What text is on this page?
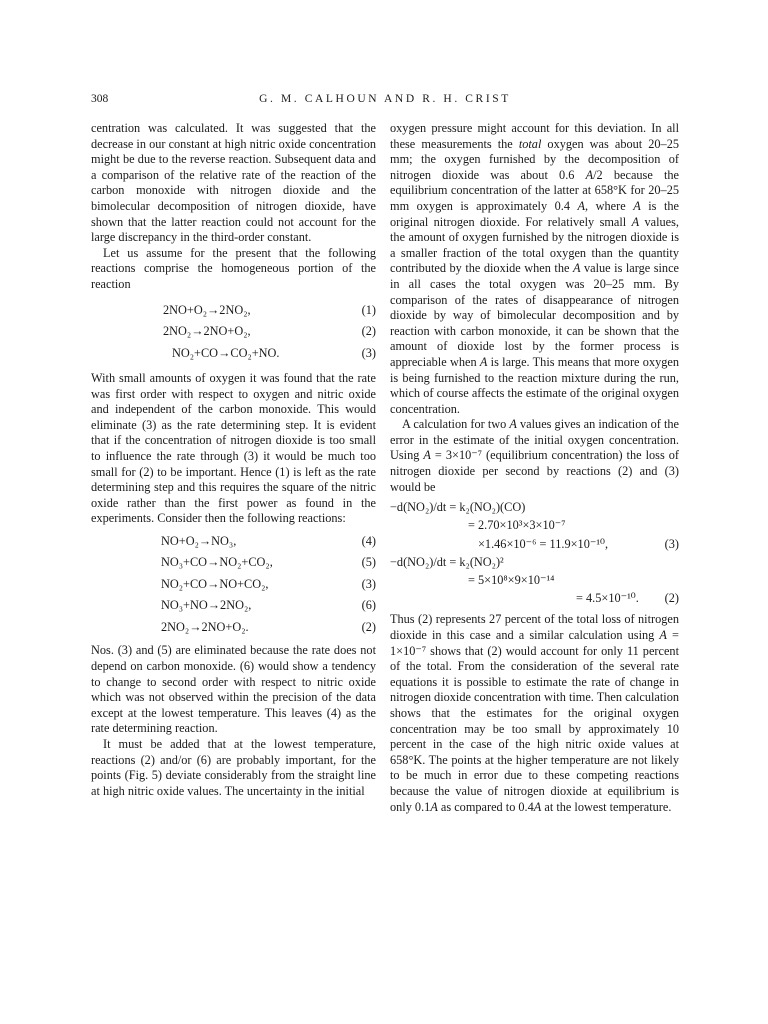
308	G. M. CALHOUN AND R. H. CRIST

centration was calculated. It was suggested that the decrease in our constant at high nitric oxide concentration might be due to the reverse reaction. Subsequent data and a comparison of the relative rate of the reaction of the carbon monoxide with nitrogen dioxide and the bimolecular decomposition of nitrogen dioxide, have shown that the latter reaction could not account for the large discrepancy in the third-order constant.

Let us assume for the present that the following reactions comprise the homogeneous portion of the reaction

2NO+O₂→2NO₂,	(1)
2NO₂→2NO+O₂,	(2)
NO₂+CO→CO₂+NO.	(3)

With small amounts of oxygen it was found that the rate was first order with respect to oxygen and nitric oxide and independent of the carbon monoxide. This would eliminate (3) as the rate determining step. It is evident that if the concentration of nitrogen dioxide is too small to influence the rate through (3) it would be much too small for (2) to be important. Hence (1) is left as the rate determining step and this requires the square of the nitric oxide rather than the first power as found in the experiments. Consider then the following reactions:

NO+O₂→NO₃,	(4)
NO₃+CO→NO₂+CO₂,	(5)
NO₂+CO→NO+CO₂,	(3)
NO₃+NO→2NO₂,	(6)
2NO₂→2NO+O₂.	(2)

Nos. (3) and (5) are eliminated because the rate does not depend on carbon monoxide. (6) would show a tendency to change to second order with respect to nitric oxide which was not observed within the precision of the data except at the lowest temperature. This leaves (4) as the rate determining reaction.

It must be added that at the lowest temperature, reactions (2) and/or (6) are probably important, for the points (Fig. 5) deviate considerably from the straight line at high nitric oxide values. The uncertainty in the initial

oxygen pressure might account for this deviation. In all these measurements the total oxygen was about 20–25 mm; the oxygen furnished by the decomposition of nitrogen dioxide was about 0.6 A/2 because the equilibrium concentration of the latter at 658°K for 20–25 mm oxygen is approximately 0.4 A, where A is the original nitrogen dioxide. For relatively small A values, the amount of oxygen furnished by the nitrogen dioxide is a smaller fraction of the total oxygen than the quantity contributed by the dioxide when the A value is large since in all cases the total oxygen was 20–25 mm. By comparison of the rates of disappearance of nitrogen dioxide by way of bimolecular decomposition and by reaction with carbon monoxide, it can be shown that the amount of dioxide lost by the former process is appreciable when A is large. This means that more oxygen is being furnished to the reaction mixture during the run, which of course affects the estimate of the original oxygen concentration.

A calculation for two A values gives an indication of the error in the estimate of the initial oxygen concentration. Using A = 3×10⁻⁷ (equilibrium concentration) the loss of nitrogen dioxide per second by reactions (2) and (3) would be

−d(NO₂)/dt = k₂(NO₂)(CO)
= 2.70×10³×3×10⁻⁷
×1.46×10⁻⁶ = 11.9×10⁻¹⁰,	(3)
−d(NO₂)/dt = k₂(NO₂)²
= 5×10⁸×9×10⁻¹⁴
= 4.5×10⁻¹⁰. (2)

Thus (2) represents 27 percent of the total loss of nitrogen dioxide in this case and a similar calculation using A = 1×10⁻⁷ shows that (2) would account for only 11 percent of the total. From the consideration of the several rate equations it is possible to estimate the rate of change in nitrogen dioxide concentration with time. Then calculation shows that the estimates for the original oxygen concentration may be too small by approximately 10 percent in the case of the high nitric oxide values at 658°K. The points at the higher temperature are not likely to be much in error due to these competing reactions because the value of nitrogen dioxide at equilibrium is only 0.1A as compared to 0.4A at the lowest temperature.
